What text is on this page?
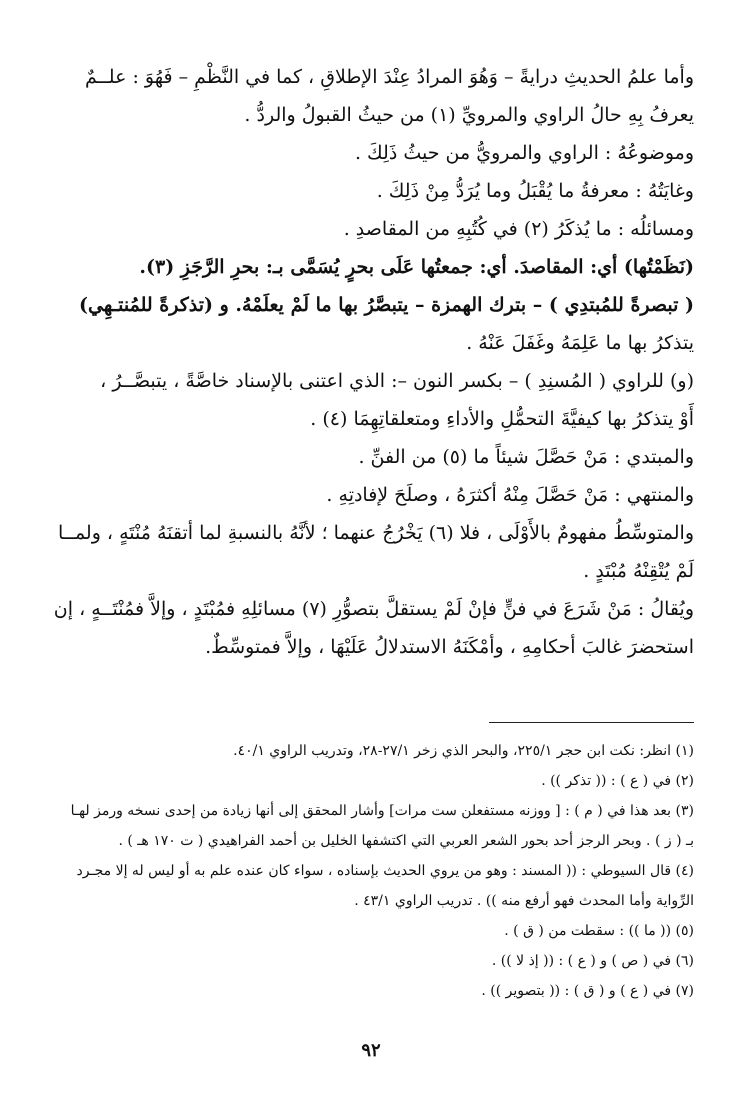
وأما علمُ الحديثِ درايةً – وَهُوَ المرادُ عِنْدَ الإطلاقِ ، كما في النَّظْمِ – فَهُوَ : علــمٌ
يعرفُ بِهِ حالُ الراوي والمرويِّ (١) من حيثُ القبولُ والردُّ .
وموضوعُهُ : الراوي والمرويُّ من حيثُ ذَلِكَ .
وغايَتُهُ : معرفةُ ما يُقْبَلُ وما يُرَدُّ مِنْ ذَلِكَ .
ومسائلُه : ما يُذكَرُ (٢) في كُتُبِهِ من المقاصدِ .
(نَظَمْتُها) أي: المقاصدَ. أي: جمعتُها عَلَى بحرٍ يُسَمَّى بـ: بحرِ الرَّجَزِ (٣).
( تبصرةً للمُبتدِي ) – بترك الهمزة – يتبصَّرُ بها ما لَمْ يعلَمْهُ. و (تذكرةً للمُنتـهِي)
يتذكرُ بها ما عَلِمَهُ وغَفَلَ عَنْهُ .
(و) للراوي ( المُسنِدِ ) – بكسر النون –: الذي اعتنى بالإسناد خاصَّةً ، يتبصَّــرُ ،
أَوْ يتذكرُ بها كيفيَّةَ التحمُّلِ والأداءِ ومتعلقاتِهِمَا (٤) .
والمبتدي : مَنْ حَصَّلَ شيئاً ما (٥) من الفنِّ .
والمنتهي : مَنْ حَصَّلَ مِنْهُ أكثرَهُ ، وصلَحَ لإفادتِهِ .
والمتوسِّطُ مفهومٌ بالأَوْلَى ، فلا (٦) يَخْرُجُ عنهما ؛ لأنَّهُ بالنسبةِ لما أتقنَهُ مُنْتَهٍ ، ولمــا
لَمْ يُتْقِنْهُ مُبْتَدٍ .
ويُقالُ : مَنْ شَرَعَ في فنٍّ فإنْ لَمْ يستقلَّ بتصوُّرِ (٧) مسائلِهِ فمُبْتَدٍ ، وإلاَّ فمُنْتَــهٍ ، إن
استحضرَ غالبَ أحكامِهِ ، وأمْكَنَهُ الاستدلالُ عَلَيْهَا ، وإلاَّ فمتوسِّطٌ.
(١) انظر: نكت ابن حجر ٢٢٥/١، والبحر الذي زخر ٢٧/١-٢٨، وتدريب الراوي ٤٠/١.
(٢) في ( ع ) : (( تذكر )) .
(٣) بعد هذا في ( م ) : [ ووزنه مستفعلن ست مرات] وأشار المحقق إلى أنها زيادة من إحدى نسخه ورمز لهـا
بـ ( ز ) . وبحر الرجز أحد بحور الشعر العربي التي اكتشفها الخليل بن أحمد الفراهيدي ( ت ١٧٠ هـ ) .
(٤) قال السيوطي : (( المسند : وهو من يروي الحديث بإسناده ، سواء كان عنده علم به أو ليس له إلا مجـرد
الرِّواية وأما المحدث فهو أرفع منه )) . تدريب الراوي ٤٣/١ .
(٥) (( ما )) : سقطت من ( ق ) .
(٦) في ( ص ) و ( ع ) : (( إذ لا )) .
(٧) في ( ع ) و ( ق ) : (( بتصوير )) .
٩٢
